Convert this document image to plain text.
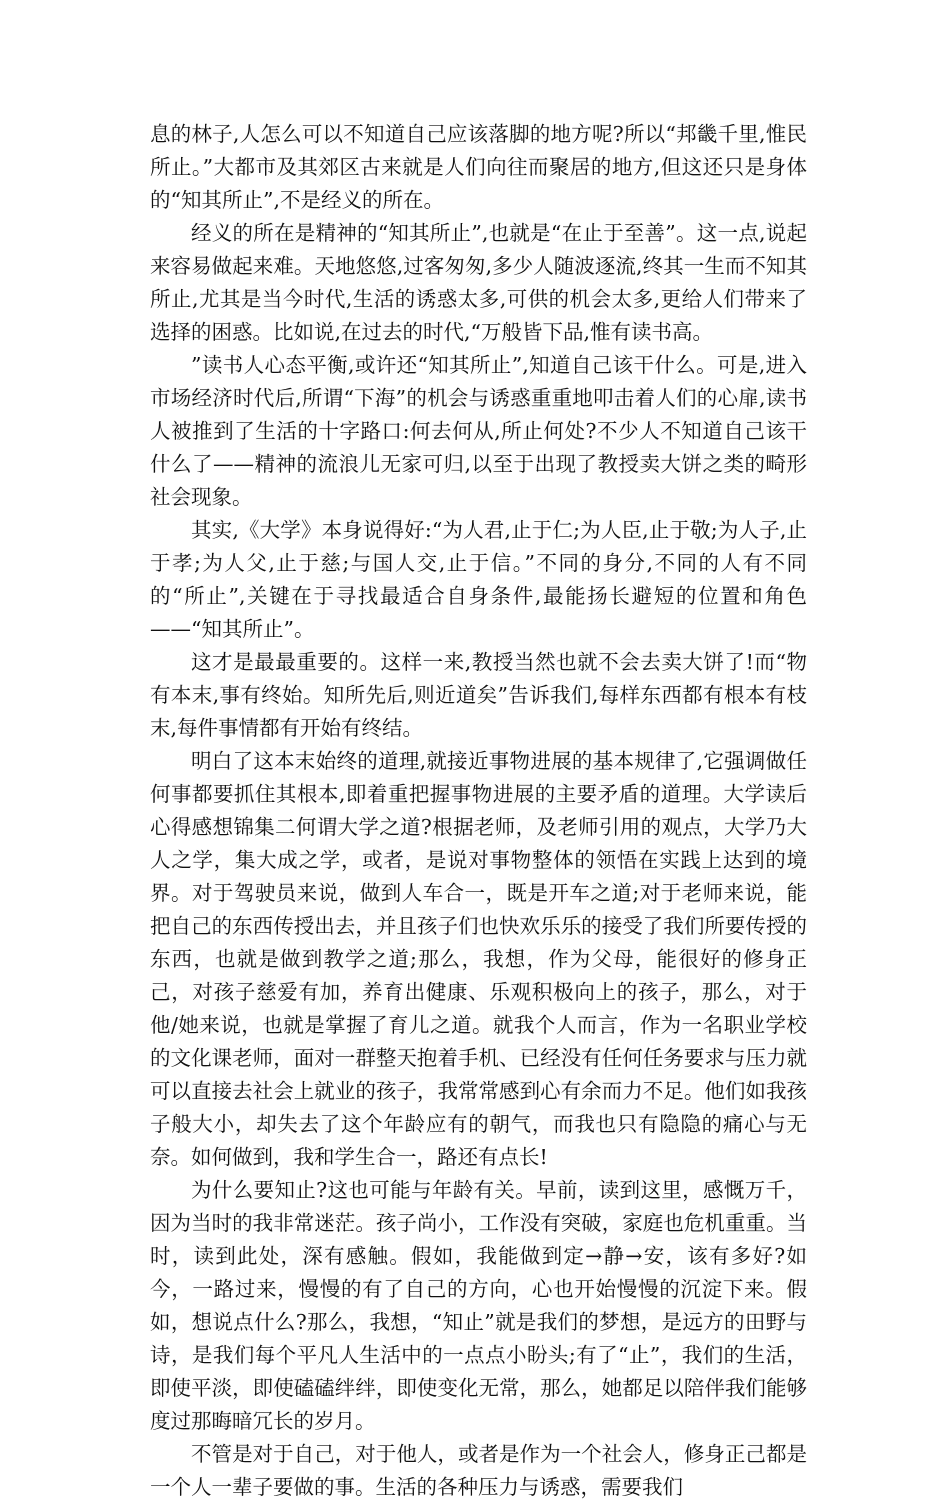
息的林子,人怎么可以不知道自己应该落脚的地方呢?所以“邦畿千里,惟民所止。”大都市及其郊区古来就是人们向往而聚居的地方,但这还只是身体的“知其所止”,不是经义的所在。

经义的所在是精神的“知其所止”,也就是“在止于至善”。这一点,说起来容易做起来难。天地悠悠,过客匆匆,多少人随波逐流,终其一生而不知其所止,尤其是当今时代,生活的诱惑太多,可供的机会太多,更给人们带来了选择的困惑。比如说,在过去的时代,“万般皆下品,惟有读书高。

”读书人心态平衡,或许还“知其所止”,知道自己该干什么。可是,进入市场经济时代后,所谓“下海”的机会与诱惑重重地叩击着人们的心扉,读书人被推到了生活的十字路口:何去何从,所止何处?不少人不知道自己该干什么了——精神的流浪儿无家可归,以至于出现了教授卖大饼之类的畸形社会现象。

其实,《大学》本身说得好:“为人君,止于仁;为人臣,止于敬;为人子,止于孝;为人父,止于慈;与国人交,止于信。”不同的身分,不同的人有不同的“所止”,关键在于寻找最适合自身条件,最能扬长避短的位置和角色——“知其所止”。

这才是最最重要的。这样一来,教授当然也就不会去卖大饼了!而“物有本末,事有终始。知所先后,则近道矣”告诉我们,每样东西都有根本有枝末,每件事情都有开始有终结。

明白了这本末始终的道理,就接近事物进展的基本规律了,它强调做任何事都要抓住其根本,即着重把握事物进展的主要矛盾的道理。大学读后心得感想锦集二何谓大学之道?根据老师，及老师引用的观点，大学乃大人之学，集大成之学，或者，是说对事物整体的领悟在实践上达到的境界。对于驾驶员来说，做到人车合一，既是开车之道;对于老师来说，能把自己的东西传授出去，并且孩子们也快欢乐乐的接受了我们所要传授的东西，也就是做到教学之道;那么，我想，作为父母，能很好的修身正己，对孩子慈爱有加，养育出健康、乐观积极向上的孩子，那么，对于他/她来说，也就是掌握了育儿之道。就我个人而言，作为一名职业学校的文化课老师，面对一群整天抱着手机、已经没有任何任务要求与压力就可以直接去社会上就业的孩子，我常常感到心有余而力不足。他们如我孩子般大小，却失去了这个年龄应有的朝气，而我也只有隐隐的痛心与无奈。如何做到，我和学生合一，路还有点长!

为什么要知止?这也可能与年龄有关。早前，读到这里，感慨万千，因为当时的我非常迷茫。孩子尚小，工作没有突破，家庭也危机重重。当时，读到此处，深有感触。假如，我能做到定→静→安，该有多好?如今，一路过来，慢慢的有了自己的方向，心也开始慢慢的沉淀下来。假如，想说点什么?那么，我想，“知止”就是我们的梦想，是远方的田野与诗，是我们每个平凡人生活中的一点点小盼头;有了“止”，我们的生活，即使平淡，即使磕磕绊绊，即使变化无常，那么，她都足以陪伴我们能够度过那晦暗冗长的岁月。

不管是对于自己，对于他人，或者是作为一个社会人，修身正己都是一个人一辈子要做的事。生活的各种压力与诱惑，需要我们
